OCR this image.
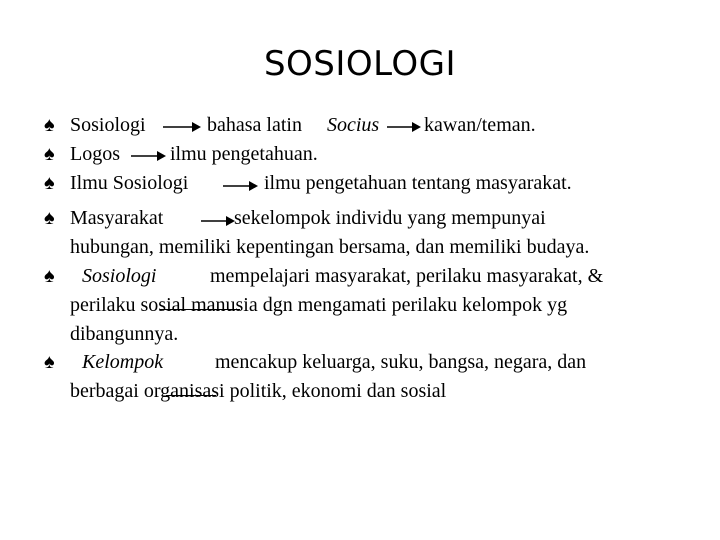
SOSIOLOGI
♠ Sosiologi	bahasa latin Socius kawan/teman.
♠ Logos	ilmu pengetahuan.
♠ Ilmu Sosiologi	ilmu pengetahuan tentang masyarakat.
♠ Masyarakat	sekelompok individu yang mempunyai
hubungan, memiliki kepentingan bersama, dan memiliki budaya.
♠ Sosiologi	mempelajari masyarakat, perilaku masyarakat, &
perilaku sosial manusia dgn mengamati perilaku kelompok yg
dibangunnya.
♠ Kelompok	mencakup keluarga, suku, bangsa, negara, dan
berbagai organisasi politik, ekonomi dan sosial
